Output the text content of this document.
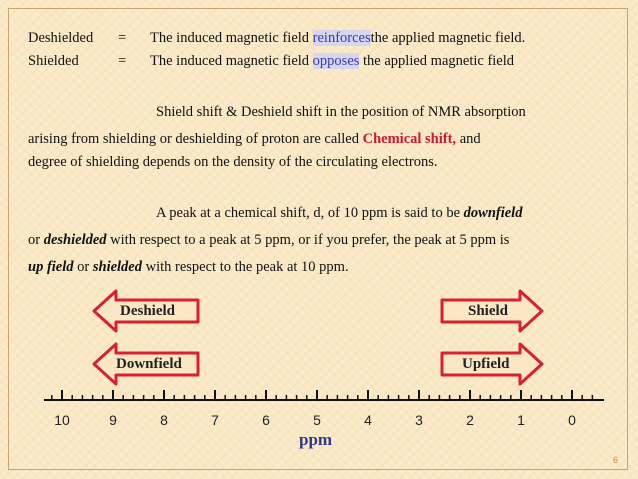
Deshielded = The induced magnetic field reinforcesthe applied magnetic field.
Shielded	= The induced magnetic field opposes the applied magnetic field
Shield shift & Deshield shift in the position of NMR absorption
arising from shielding or deshielding of proton are called Chemical shift, and
degree of shielding depends on the density of the circulating electrons.
A peak at a chemical shift, d, of 10 ppm is said to be downfield
or deshielded with respect to a peak at 5 ppm, or if you prefer, the peak at 5 ppm is
up field or shielded with respect to the peak at 10 ppm.
Deshield
Downfield
Shield
Upfield
10	9	8	7	6	5	4	3	2	1	0
ppm
6
